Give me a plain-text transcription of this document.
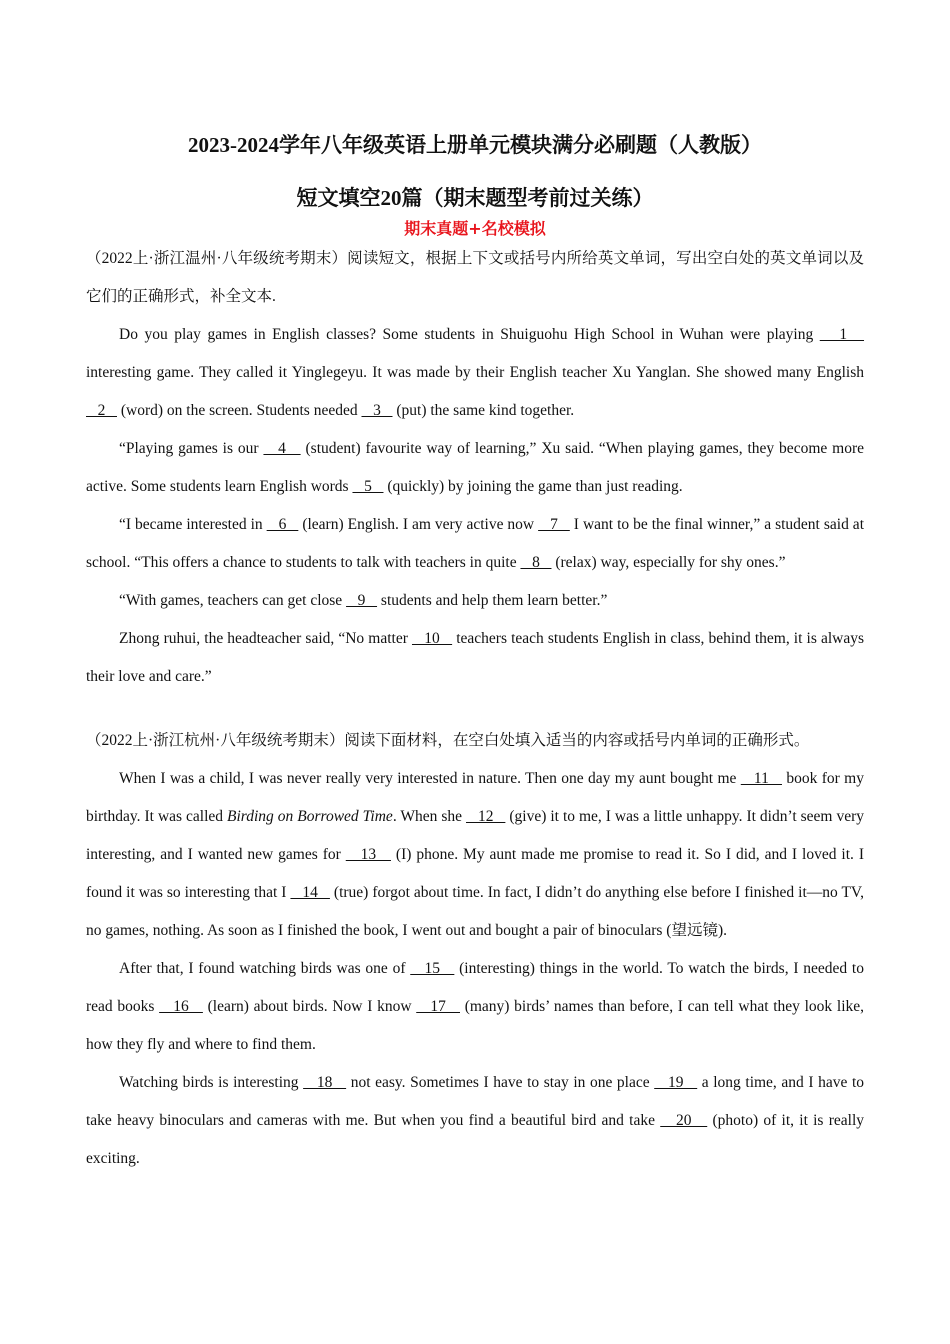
2023-2024学年八年级英语上册单元模块满分必刷题（人教版）
短文填空20篇（期末题型考前过关练）
期末真题+名校模拟
（2022上·浙江温州·八年级统考期末）阅读短文，根据上下文或括号内所给英文单词，写出空白处的英文单词以及它们的正确形式，补全文本.

Do you play games in English classes? Some students in Shuiguohu High School in Wuhan were playing    1    interesting game. They called it Yinglegeyu. It was made by their English teacher Xu Yanglan. She showed many English    2    (word) on the screen. Students needed    3    (put) the same kind together.

“Playing games is our    4    (student) favourite way of learning,” Xu said. “When playing games, they become more active. Some students learn English words    5    (quickly) by joining the game than just reading.

“I became interested in    6    (learn) English. I am very active now    7    I want to be the final winner,” a student said at school. “This offers a chance to students to talk with teachers in quite    8    (relax) way, especially for shy ones.”

“With games, teachers can get close    9    students and help them learn better.”

Zhong ruhui, the headteacher said, “No matter    10    teachers teach students English in class, behind them, it is always their love and care.”

（2022上·浙江杭州·八年级统考期末）阅读下面材料，在空白处填入适当的内容或括号内单词的正确形式。

When I was a child, I was never really very interested in nature. Then one day my aunt bought me    11    book for my birthday. It was called Birding on Borrowed Time. When she    12    (give) it to me, I was a little unhappy. It didn’t seem very interesting, and I wanted new games for    13    (I) phone. My aunt made me promise to read it. So I did, and I loved it. I found it was so interesting that I    14    (true) forgot about time. In fact, I didn’t do anything else before I finished it—no TV, no games, nothing. As soon as I finished the book, I went out and bought a pair of binoculars (望远镜).

After that, I found watching birds was one of    15    (interesting) things in the world. To watch the birds, I needed to read books    16    (learn) about birds. Now I know    17    (many) birds’ names than before, I can tell what they look like, how they fly and where to find them.

Watching birds is interesting    18    not easy. Sometimes I have to stay in one place    19    a long time, and I have to take heavy binoculars and cameras with me. But when you find a beautiful bird and take    20    (photo) of it, it is really exciting.
